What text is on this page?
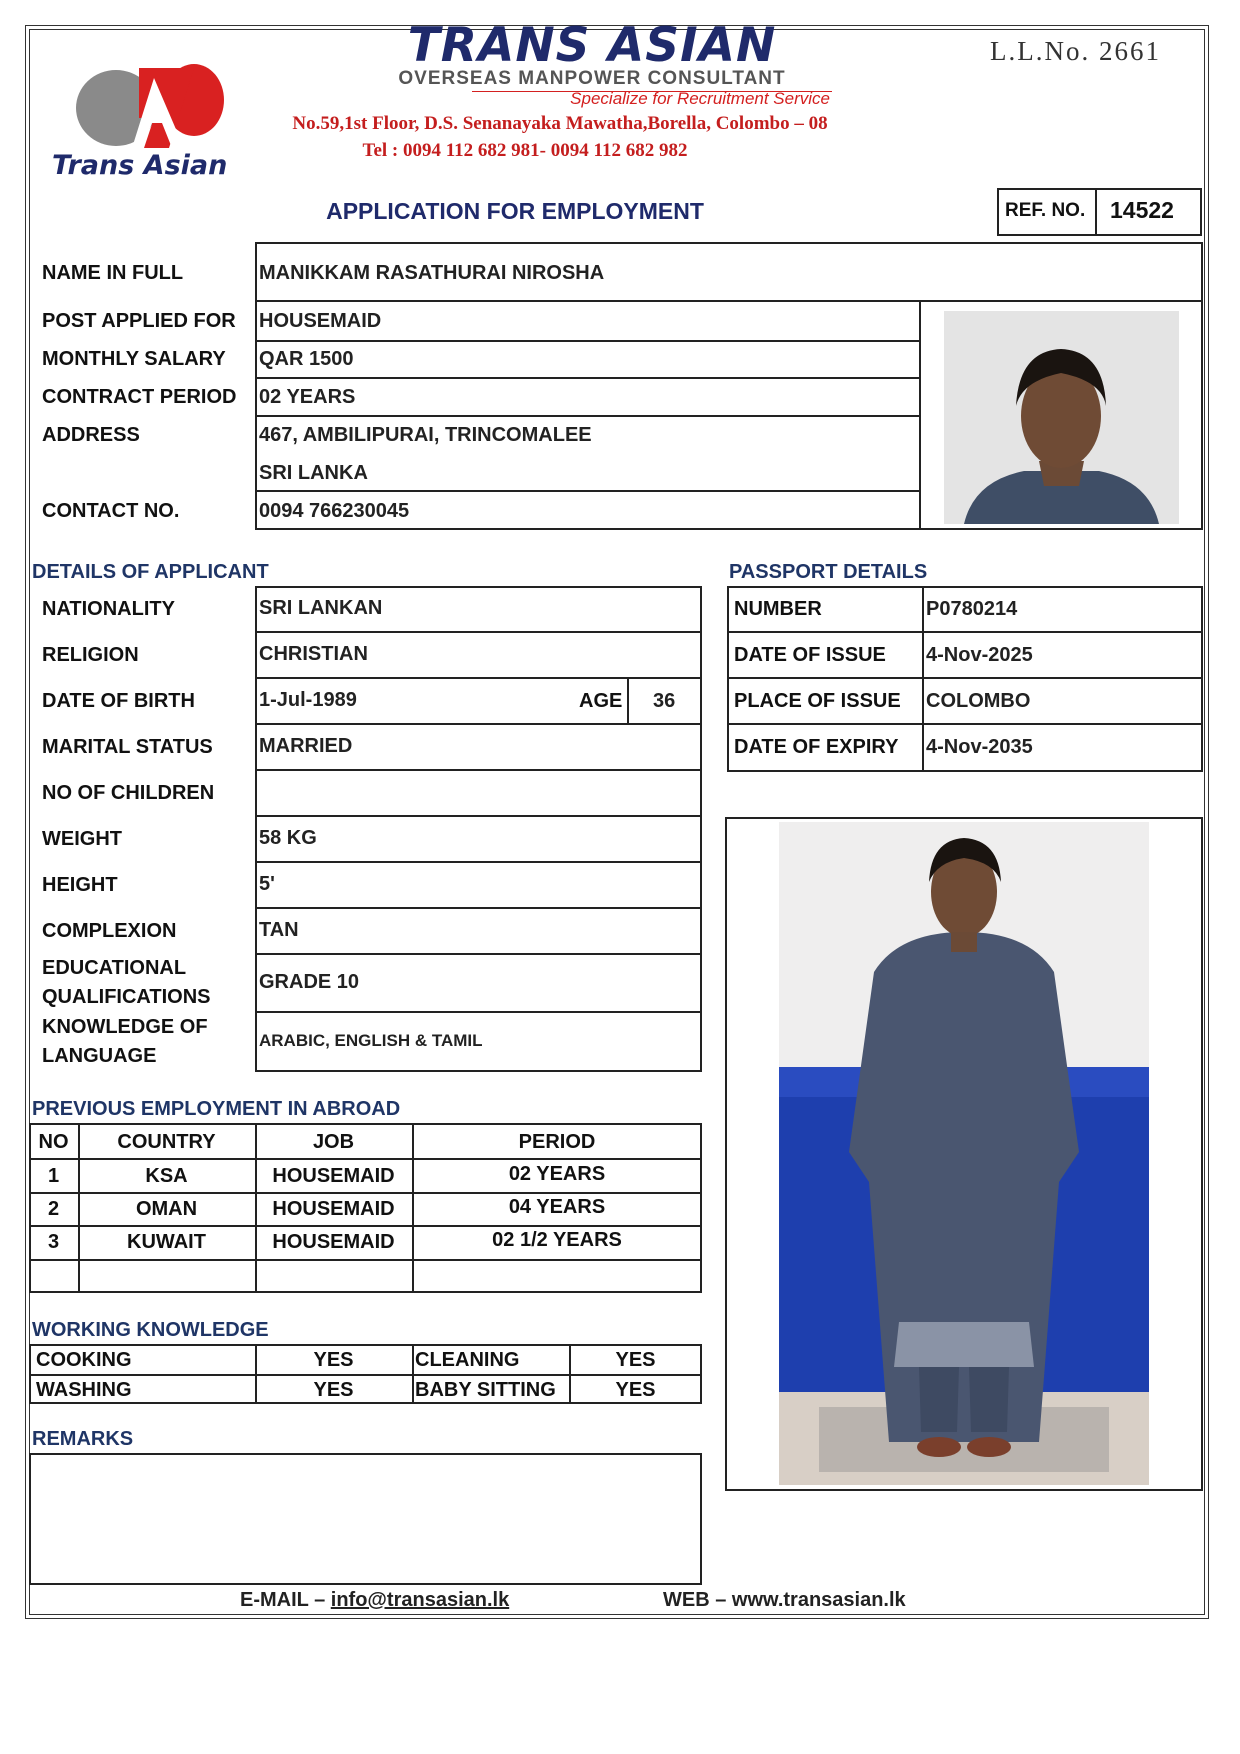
Trans Asian
TRANS ASIAN
OVERSEAS MANPOWER CONSULTANT
Specialize for Recruitment Service
No.59,1st Floor, D.S. Senanayaka Mawatha,Borella, Colombo – 08
Tel : 0094 112 682 981- 0094 112 682 982
L.L.No. 2661
APPLICATION FOR EMPLOYMENT	REF. NO. 14522
NAME IN FULL	MANIKKAM RASATHURAI NIROSHA
POST APPLIED FOR HOUSEMAID
MONTHLY SALARY QAR 1500
CONTRACT PERIOD 02 YEARS
ADDRESS	467, AMBILIPURAI, TRINCOMALEE
SRI LANKA
CONTACT NO.	0094 766230045
DETAILS OF APPLICANT
NATIONALITY	SRI LANKAN
RELIGION	CHRISTIAN
DATE OF BIRTH	1-Jul-1989	AGE 36
MARITAL STATUS MARRIED
NO OF CHILDREN
WEIGHT	58 KG
HEIGHT	5'
COMPLEXION	TAN
EDUCATIONAL
QUALIFICATIONS
GRADE 10
KNOWLEDGE OF
LANGUAGE
ARABIC, ENGLISH & TAMIL
PASSPORT DETAILS
NUMBER	P0780214
DATE OF ISSUE 4-Nov-2025
PLACE OF ISSUE COLOMBO
DATE OF EXPIRY 4-Nov-2035
PREVIOUS EMPLOYMENT IN ABROAD
NO	COUNTRY	JOB	PERIOD
1	KSA	HOUSEMAID	02 YEARS
2	OMAN	HOUSEMAID	04 YEARS
3	KUWAIT	HOUSEMAID	02 1/2 YEARS
WORKING KNOWLEDGE
COOKING	YES	CLEANING	YES
WASHING	YES	BABY SITTING	YES
REMARKS
E-MAIL – info@transasian.lk	WEB – www.transasian.lk
